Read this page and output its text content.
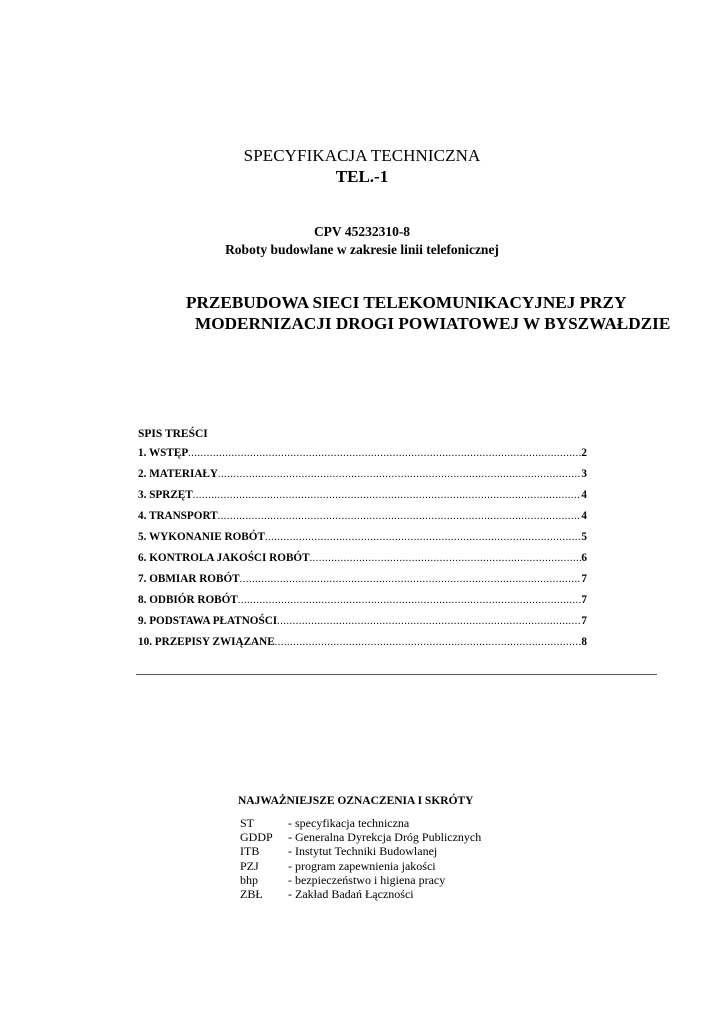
SPECYFIKACJA TECHNICZNA
TEL.-1
CPV 45232310-8
Roboty budowlane w zakresie linii telefonicznej
PRZEBUDOWA SIECI TELEKOMUNIKACYJNEJ PRZY
MODERNIZACJI DROGI POWIATOWEJ W BYSZWAŁDZIE
SPIS TREŚCI
1. WSTĘP .....	2
2. MATERIAŁY .....	3
3. SPRZĘT .....	4
4. TRANSPORT .....	4
5. WYKONANIE ROBÓT .....	5
6. KONTROLA JAKOŚCI ROBÓT .....	6
7. OBMIAR ROBÓT .....	7
8. ODBIÓR ROBÓT .....	7
9. PODSTAWA PŁATNOŚCI .....	7
10. PRZEPISY ZWIĄZANE .....	8
NAJWAŻNIEJSZE OZNACZENIA I SKRÓTY
ST	- specyfikacja techniczna
GDDP	- Generalna Dyrekcja Dróg Publicznych
ITB	- Instytut Techniki Budowlanej
PZJ	- program zapewnienia jakości
bhp	- bezpieczeństwo i higiena pracy
ZBŁ	- Zakład Badań Łączności
